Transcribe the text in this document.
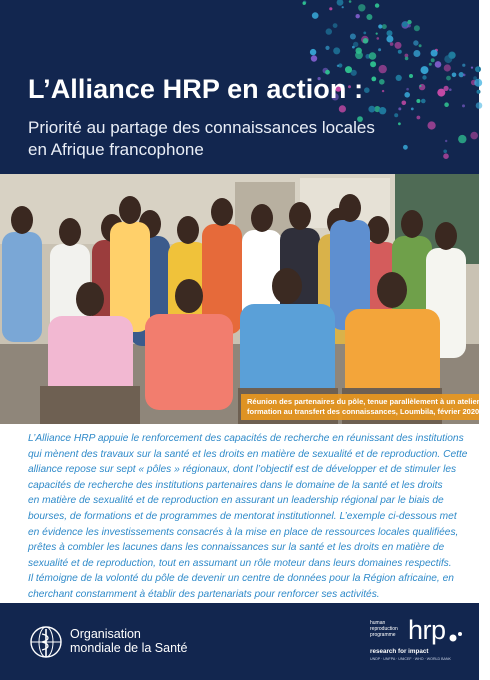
L’Alliance HRP en action :
Priorité au partage des connaissances locales
en Afrique francophone
OMS/BSS
Réunion des partenaires du pôle, tenue parallèlement à un atelier de
formation au transfert des connaissances, Loumbila, février 2020
L’Alliance HRP appuie le renforcement des capacités de recherche en réunissant des institutions
qui mènent des travaux sur la santé et les droits en matière de sexualité et de reproduction. Cette
alliance repose sur sept « pôles » régionaux, dont l’objectif est de développer et de stimuler les
capacités de recherche des institutions partenaires dans le domaine de la santé et les droits
en matière de sexualité et de reproduction en assurant un leadership régional par le biais de
bourses, de formations et de programmes de mentorat institutionnel. L’exemple ci-dessous met
en évidence les investissements consacrés à la mise en place de ressources locales qualifiées,
prêtes à combler les lacunes dans les connaissances sur la santé et les droits en matière de
sexualité et de reproduction, tout en assumant un rôle moteur dans leurs domaines respectifs.
Il témoigne de la volonté du pôle de devenir un centre de données pour la Région africaine, en
cherchant constamment à établir des partenariats pour renforcer ses activités.
Organisation
mondiale de la Santé
human
reproduction
programme hrp
research for impact
UNDP · UNFPA · UNICEF · WHO · WORLD BANK
